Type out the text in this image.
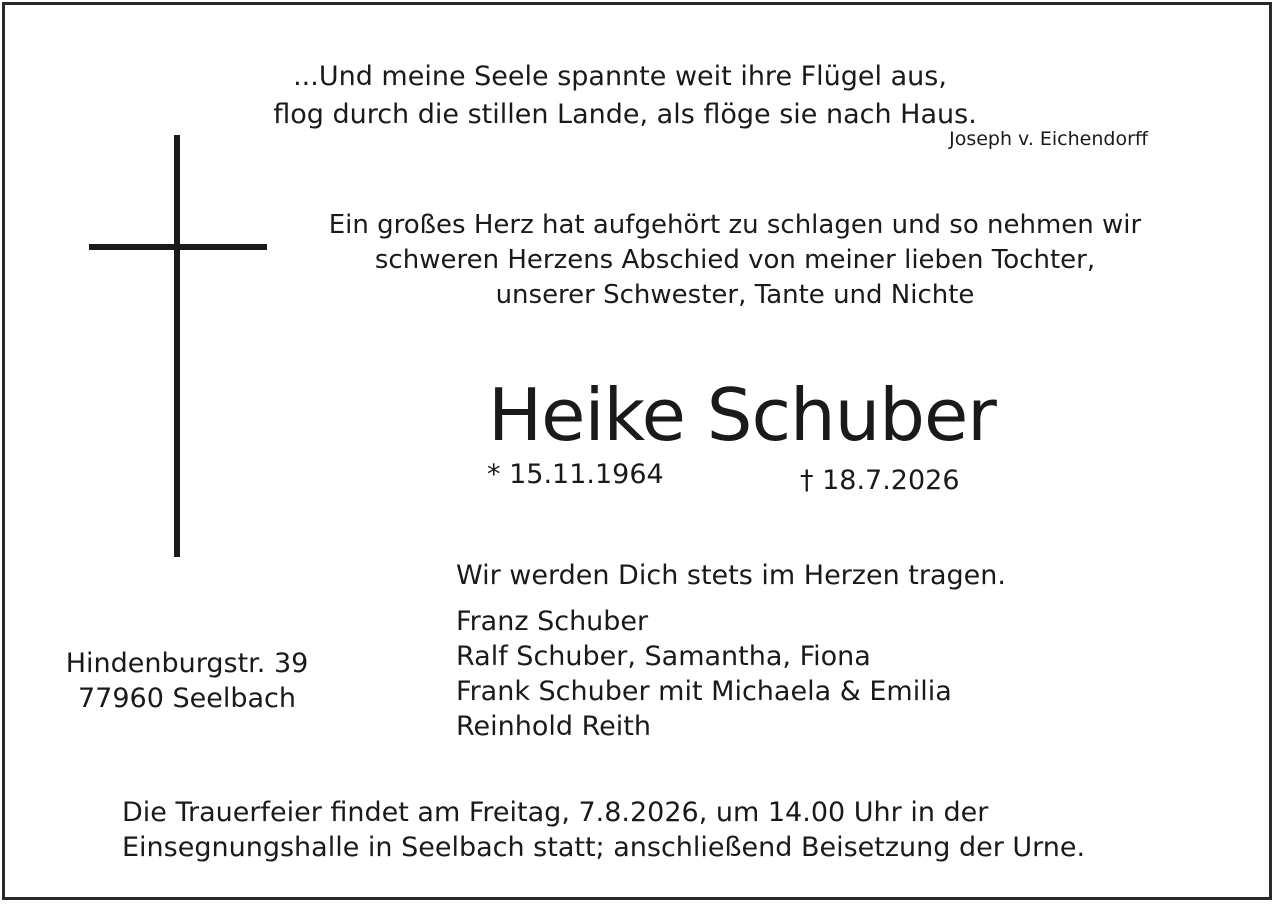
...Und meine Seele spannte weit ihre Flügel aus,
flog durch die stillen Lande, als flöge sie nach Haus.
Joseph v. Eichendorff
Ein großes Herz hat aufgehört zu schlagen und so nehmen wir
schweren Herzens Abschied von meiner lieben Tochter,
unserer Schwester, Tante und Nichte
Heike Schuber
* 15.11.1964	† 18.7.2026
Wir werden Dich stets im Herzen tragen.
Franz Schuber
Ralf Schuber, Samantha, Fiona
Frank Schuber mit Michaela & Emilia
Reinhold Reith
Hindenburgstr. 39
77960 Seelbach
Die Trauerfeier findet am Freitag, 7.8.2026, um 14.00 Uhr in der
Einsegnungshalle in Seelbach statt; anschließend Beisetzung der Urne.
